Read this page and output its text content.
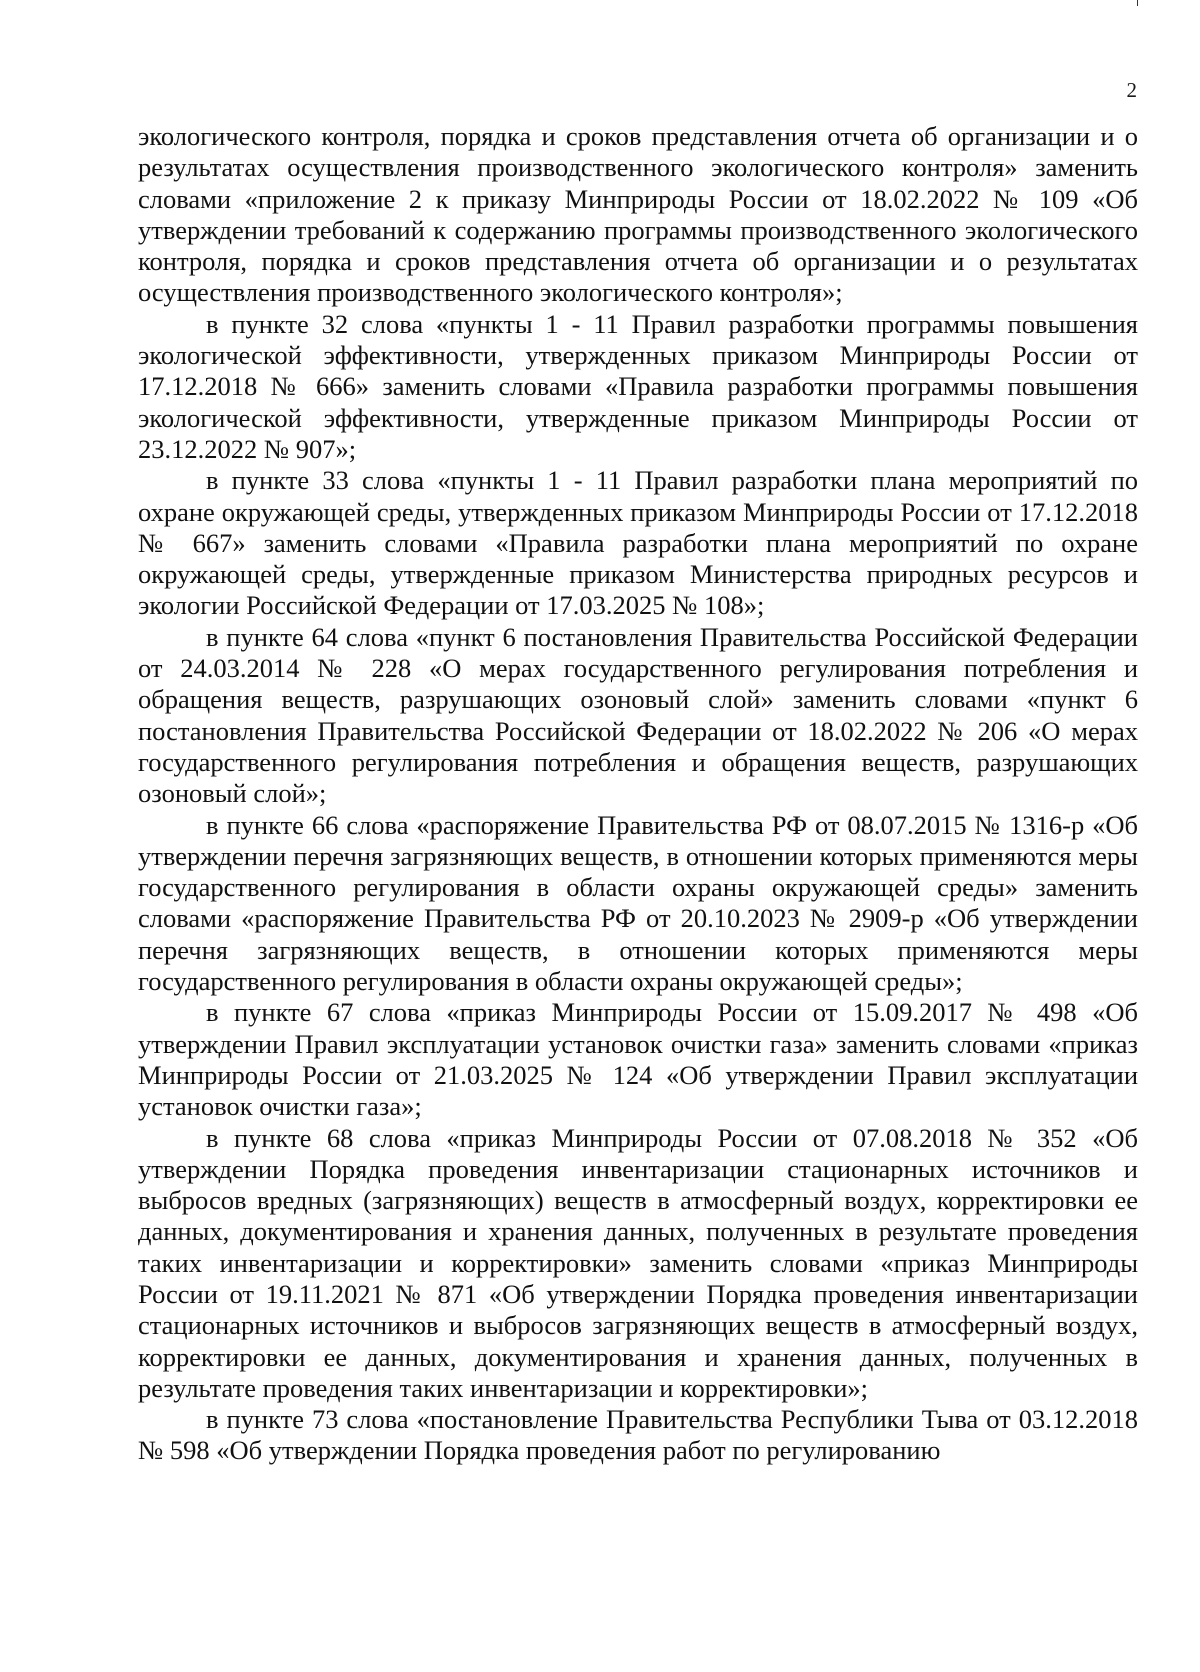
2

экологического контроля, порядка и сроков представления отчета об организации и о результатах осуществления производственного экологического контроля» заменить словами «приложение 2 к приказу Минприроды России от 18.02.2022 № 109 «Об утверждении требований к содержанию программы производственного экологического контроля, порядка и сроков представления отчета об организации и о результатах осуществления производственного экологического контроля»;

в пункте 32 слова «пункты 1 - 11 Правил разработки программы повышения экологической эффективности, утвержденных приказом Минприроды России от 17.12.2018 № 666» заменить словами «Правила разработки программы повышения экологической эффективности, утвержденные приказом Минприроды России от 23.12.2022 № 907»;

в пункте 33 слова «пункты 1 - 11 Правил разработки плана мероприятий по охране окружающей среды, утвержденных приказом Минприроды России от 17.12.2018 № 667» заменить словами «Правила разработки плана мероприятий по охране окружающей среды, утвержденные приказом Министерства природных ресурсов и экологии Российской Федерации от 17.03.2025 № 108»;

в пункте 64 слова «пункт 6 постановления Правительства Российской Федерации от 24.03.2014 № 228 «О мерах государственного регулирования потребления и обращения веществ, разрушающих озоновый слой» заменить словами «пункт 6 постановления Правительства Российской Федерации от 18.02.2022 № 206 «О мерах государственного регулирования потребления и обращения веществ, разрушающих озоновый слой»;

в пункте 66 слова «распоряжение Правительства РФ от 08.07.2015 № 1316-р «Об утверждении перечня загрязняющих веществ, в отношении которых применяются меры государственного регулирования в области охраны окружающей среды» заменить словами «распоряжение Правительства РФ от 20.10.2023 № 2909-р «Об утверждении перечня загрязняющих веществ, в отношении которых применяются меры государственного регулирования в области охраны окружающей среды»;

в пункте 67 слова «приказ Минприроды России от 15.09.2017 № 498 «Об утверждении Правил эксплуатации установок очистки газа» заменить словами «приказ Минприроды России от 21.03.2025 № 124 «Об утверждении Правил эксплуатации установок очистки газа»;

в пункте 68 слова «приказ Минприроды России от 07.08.2018 № 352 «Об утверждении Порядка проведения инвентаризации стационарных источников и выбросов вредных (загрязняющих) веществ в атмосферный воздух, корректировки ее данных, документирования и хранения данных, полученных в результате проведения таких инвентаризации и корректировки» заменить словами «приказ Минприроды России от 19.11.2021 № 871 «Об утверждении Порядка проведения инвентаризации стационарных источников и выбросов загрязняющих веществ в атмосферный воздух, корректировки ее данных, документирования и хранения данных, полученных в результате проведения таких инвентаризации и корректировки»;

в пункте 73 слова «постановление Правительства Республики Тыва от 03.12.2018 № 598 «Об утверждении Порядка проведения работ по регулированию
